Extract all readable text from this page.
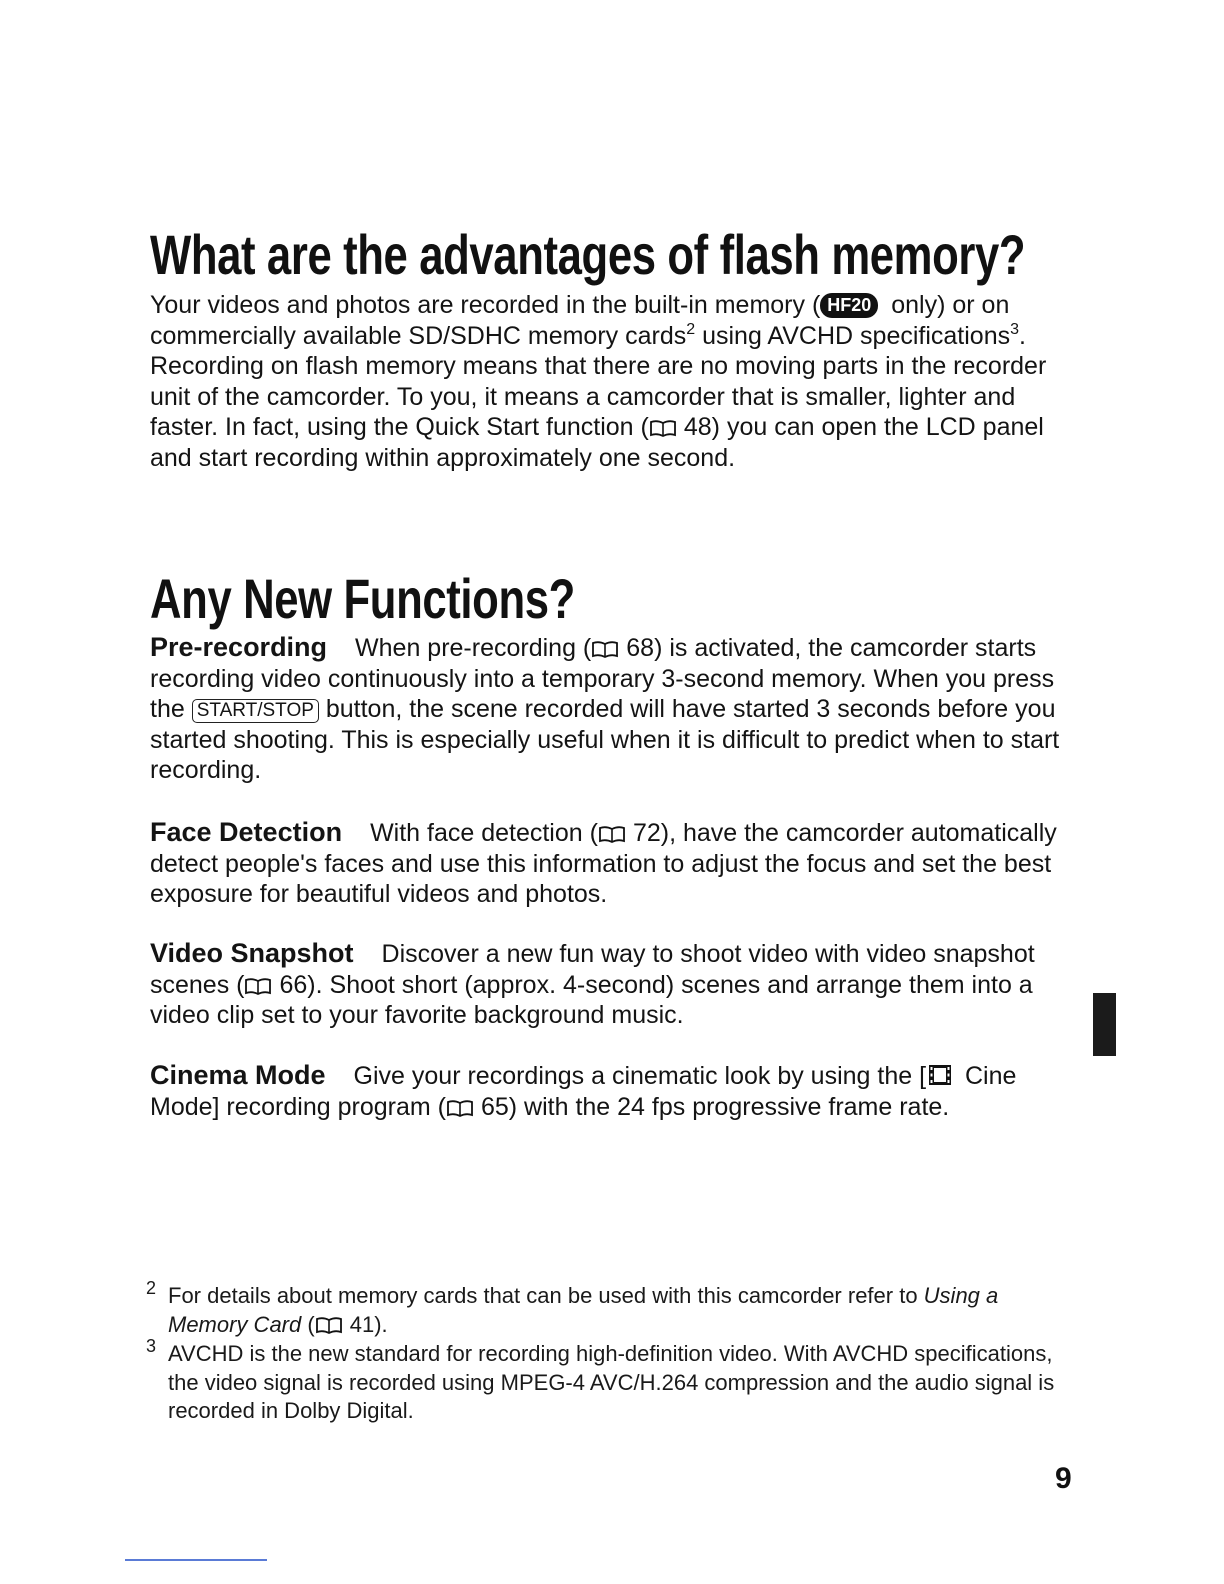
What are the advantages of flash memory?

Your videos and photos are recorded in the built-in memory ( HF20 only) or on commercially available SD/SDHC memory cards$^2$ using AVCHD specifications$^3$. Recording on flash memory means that there are no moving parts in the recorder unit of the camcorder. To you, it means a camcorder that is smaller, lighter and faster. In fact, using the Quick Start function ( 48) you can open the LCD panel and start recording within approximately one second.

Any New Functions?

Pre-recording When pre-recording ( 68) is activated, the camcorder starts recording video continuously into a temporary 3-second memory. When you press the START/STOP button, the scene recorded will have started 3 seconds before you started shooting. This is especially useful when it is difficult to predict when to start recording.

Face Detection With face detection ( 72), have the camcorder automatically detect people's faces and use this information to adjust the focus and set the best exposure for beautiful videos and photos.

Video Snapshot Discover a new fun way to shoot video with video snapshot scenes ( 66). Shoot short (approx. 4-second) scenes and arrange them into a video clip set to your favorite background music.

Cinema Mode Give your recordings a cinematic look by using the [ Cine Mode] recording program ( 65) with the 24 fps progressive frame rate.

2 For details about memory cards that can be used with this camcorder refer to Using a Memory Card ( 41).

3 AVCHD is the new standard for recording high-definition video. With AVCHD specifications, the video signal is recorded using MPEG-4 AVC/H.264 compression and the audio signal is recorded in Dolby Digital.

9
